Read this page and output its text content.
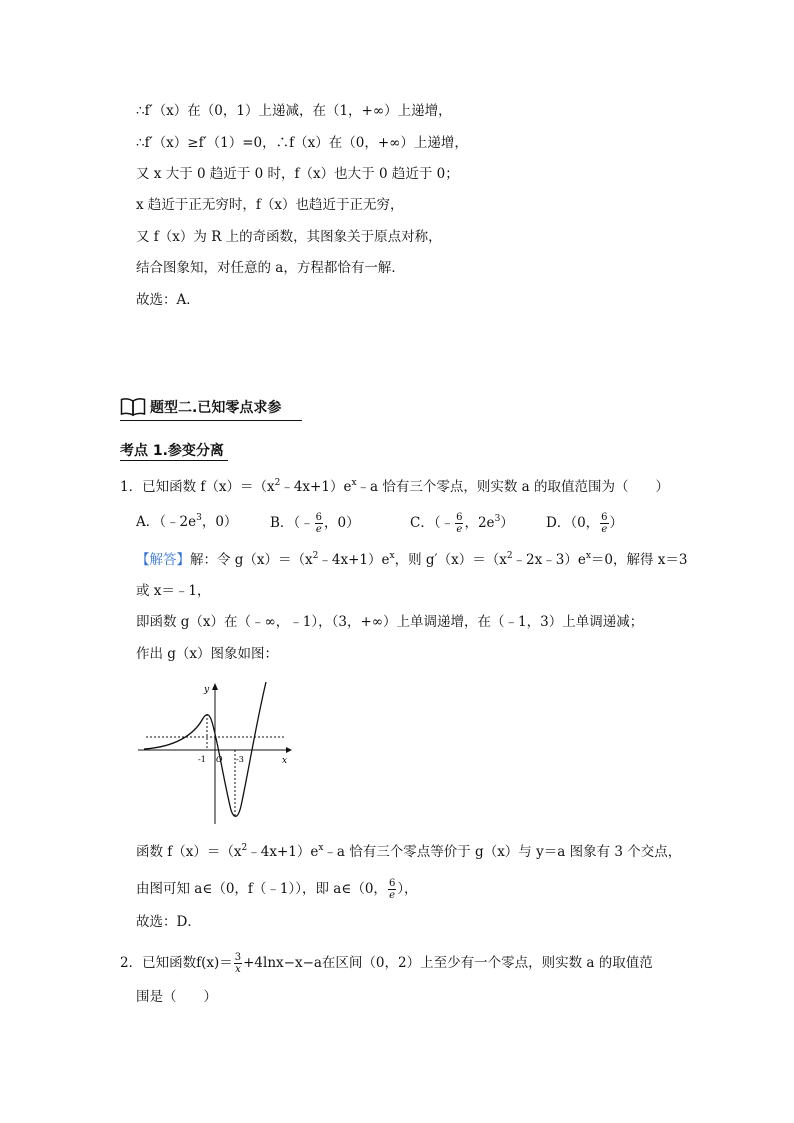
∴f′（x）在（0，1）上递减，在（1，+∞）上递增，
∴f′（x）≥f′（1）=0，∴f（x）在（0，+∞）上递增，
又 x 大于 0 趋近于 0 时，f（x）也大于 0 趋近于 0；
x 趋近于正无穷时，f（x）也趋近于正无穷，
又 f（x）为 R 上的奇函数，其图象关于原点对称，
结合图象知，对任意的 a，方程都恰有一解．
故选：A．
题型二.已知零点求参
考点 1.参变分离
1．已知函数 $f(x)=(x^2﹣4x+1)e^x﹣a$ 恰有三个零点，则实数 a 的取值范围为（　　）
A．（$﹣2e^3$，0） B．（﹣ $\frac{6}{e}$ ，0）	C．（﹣ $\frac{6}{e}$ ，$2e^3$） D．（0， $\frac{6}{e}$ ）
【解答】解：令 $g(x)=(x^2﹣4x+1)e^x$，则 $g'(x)=(x^2﹣2x﹣3)e^x=0$，解得 x＝3
或 x＝﹣1，
即函数 g（x）在（﹣∞，﹣1），（3，+∞）上单调递增，在（﹣1，3）上单调递减；
作出 g（x）图象如图：
y
x
-1 O -3
函数 $f(x)=(x^2﹣4x+1)e^x﹣a$ 恰有三个零点等价于 g（x）与 y＝a 图象有 3 个交点，
由图可知 a∈（0，f（﹣1）），即 a∈（0， $\frac{6}{e}$ ），
故选：D．
2．已知函数$f(x)= \frac{3}{x} +4\ln x-x-a$在区间（0，2）上至少有一个零点，则实数 a 的取值范
围是（　　）
